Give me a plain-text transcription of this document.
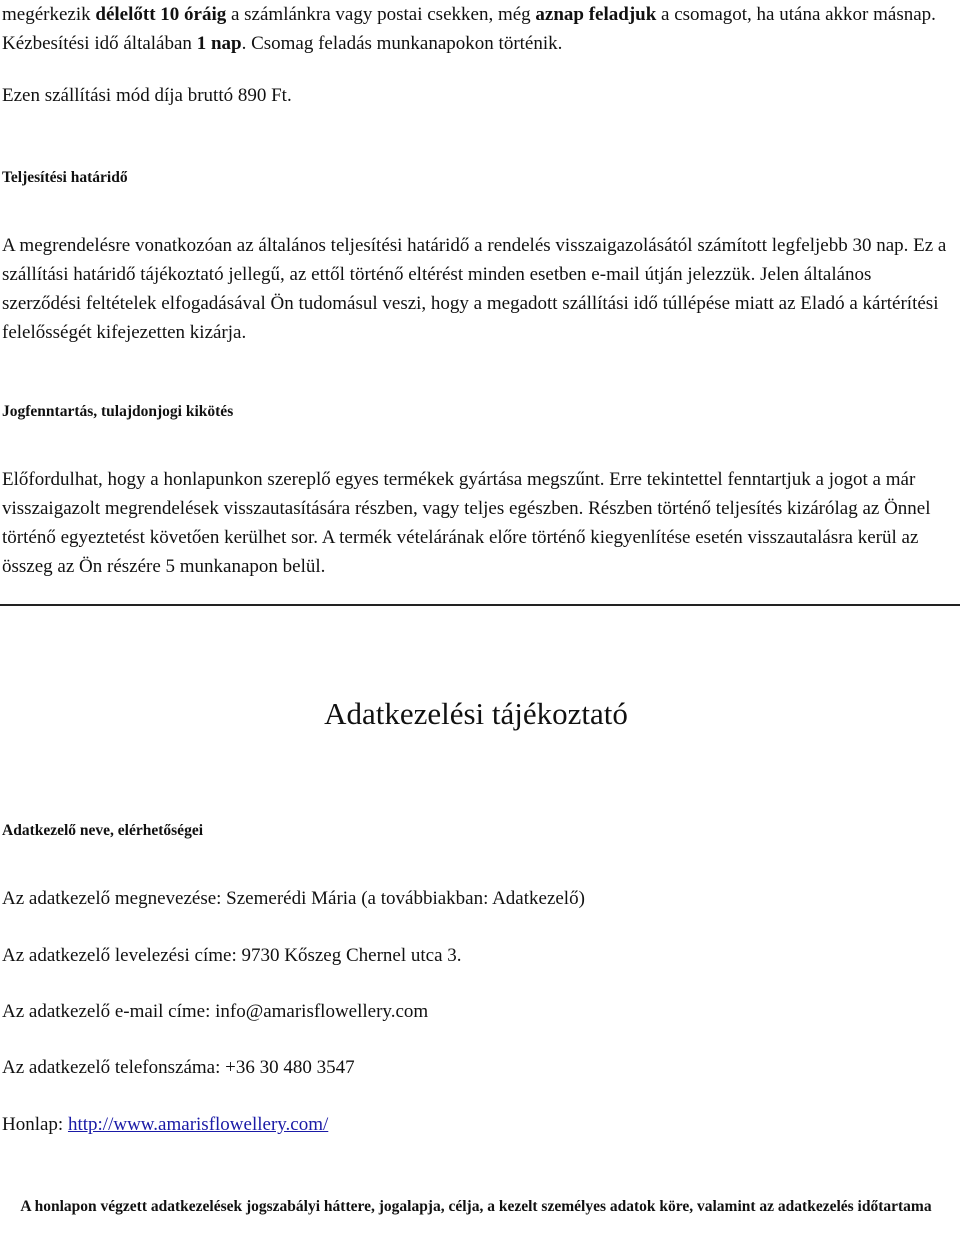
megérkezik délelőtt 10 óráig a számlánkra vagy postai csekken, még aznap feladjuk a csomagot, ha utána akkor másnap. Kézbesítési idő általában 1 nap. Csomag feladás munkanapokon történik.

Ezen szállítási mód díja bruttó 890 Ft.

Teljesítési határidő

A megrendelésre vonatkozóan az általános teljesítési határidő a rendelés visszaigazolásától számított legfeljebb 30 nap. Ez a szállítási határidő tájékoztató jellegű, az ettől történő eltérést minden esetben e-mail útján jelezzük. Jelen általános szerződési feltételek elfogadásával Ön tudomásul veszi, hogy a megadott szállítási idő túllépése miatt az Eladó a kártérítési felelősségét kifejezetten kizárja.

Jogfenntartás, tulajdonjogi kikötés

Előfordulhat, hogy a honlapunkon szereplő egyes termékek gyártása megszűnt. Erre tekintettel fenntartjuk a jogot a már visszaigazolt megrendelések visszautasítására részben, vagy teljes egészben. Részben történő teljesítés kizárólag az Önnel történő egyeztetést követően kerülhet sor. A termék vételárának előre történő kiegyenlítése esetén visszautalásra kerül az összeg az Ön részére 5 munkanapon belül.

Adatkezelési tájékoztató
Adatkezelő neve, elérhetőségei

Az adatkezelő megnevezése: Szemerédi Mária (a továbbiakban: Adatkezelő)

Az adatkezelő levelezési címe: 9730 Kőszeg Chernel utca 3.

Az adatkezelő e-mail címe: info@amarisflowellery.com

Az adatkezelő telefonszáma: +36 30 480 3547

Honlap: http://www.amarisflowellery.com/

A honlapon végzett adatkezelések jogszabályi háttere, jogalapja, célja, a kezelt személyes adatok köre, valamint az adatkezelés időtartama
